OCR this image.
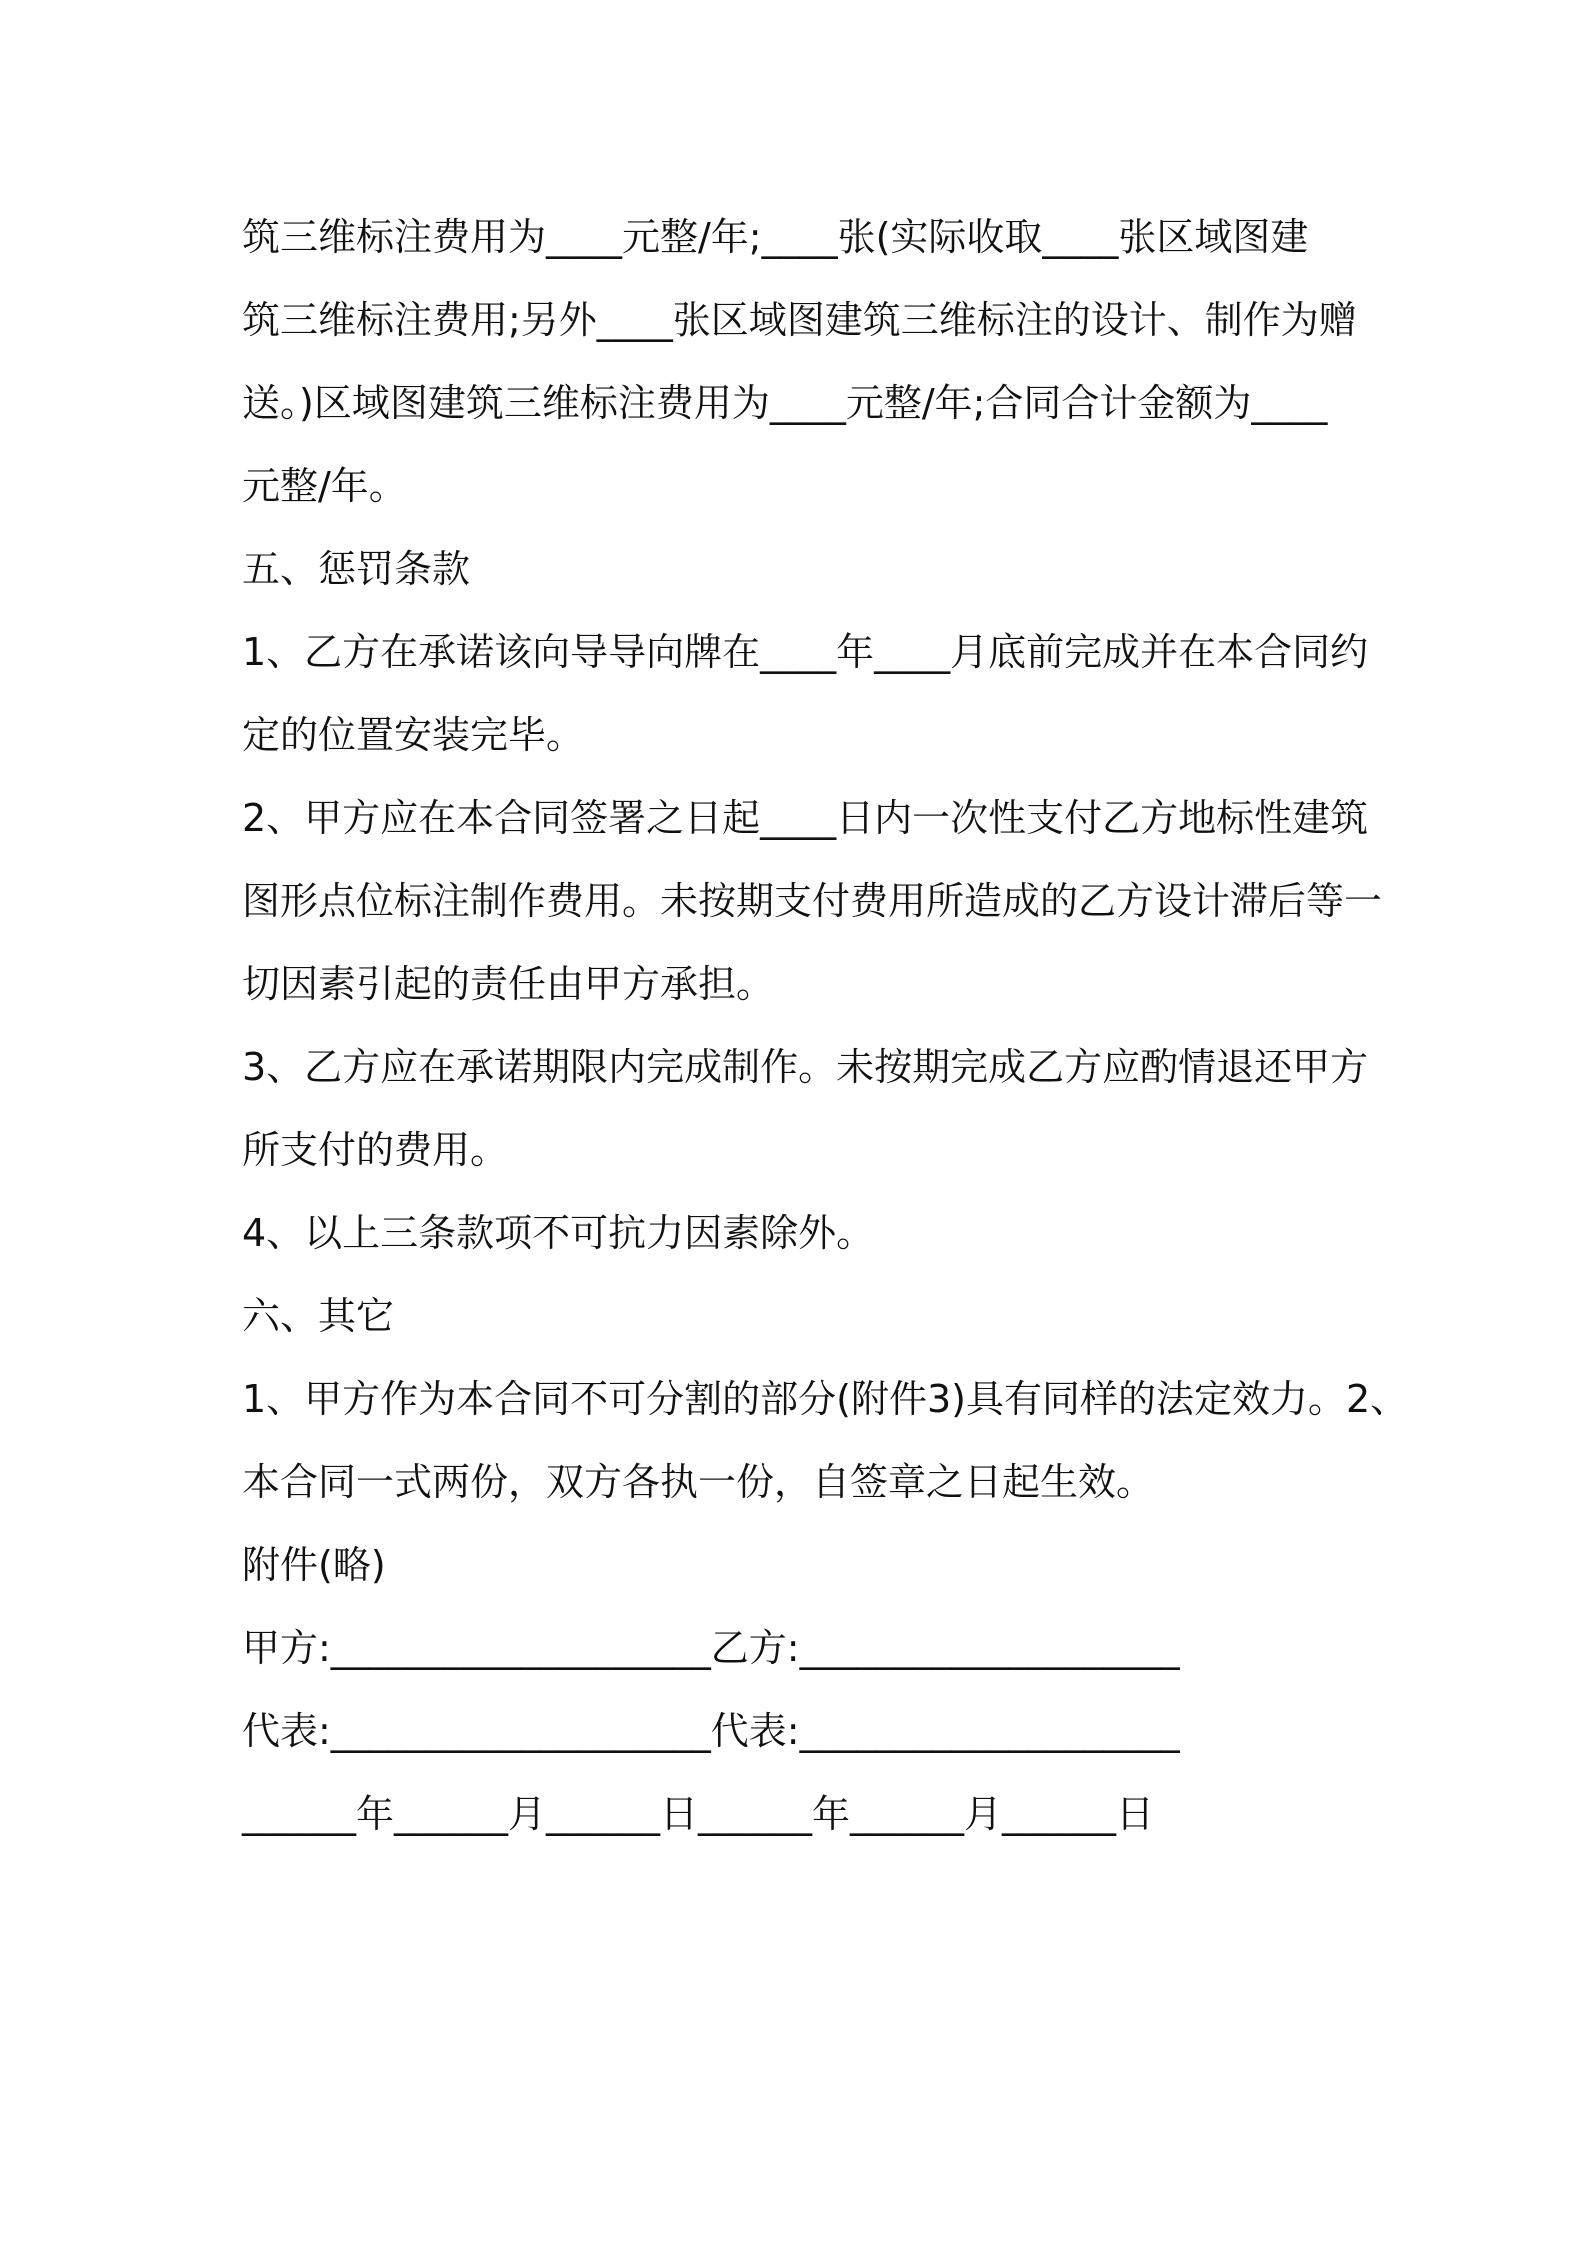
筑三维标注费用为____元整/年;____张(实际收取____张区域图建
筑三维标注费用;另外____张区域图建筑三维标注的设计、制作为赠
送。)区域图建筑三维标注费用为____元整/年;合同合计金额为____
元整/年。
五、惩罚条款
1、乙方在承诺该向导导向牌在____年____月底前完成并在本合同约
定的位置安装完毕。
2、甲方应在本合同签署之日起____日内一次性支付乙方地标性建筑
图形点位标注制作费用。未按期支付费用所造成的乙方设计滞后等一
切因素引起的责任由甲方承担。
3、乙方应在承诺期限内完成制作。未按期完成乙方应酌情退还甲方
所支付的费用。
4、以上三条款项不可抗力因素除外。
六、其它
1、甲方作为本合同不可分割的部分(附件3)具有同样的法定效力。2、
本合同一式两份，双方各执一份，自签章之日起生效。
附件(略)
甲方:____________________乙方:____________________
代表:____________________代表:____________________
______年______月______日______年______月______日
